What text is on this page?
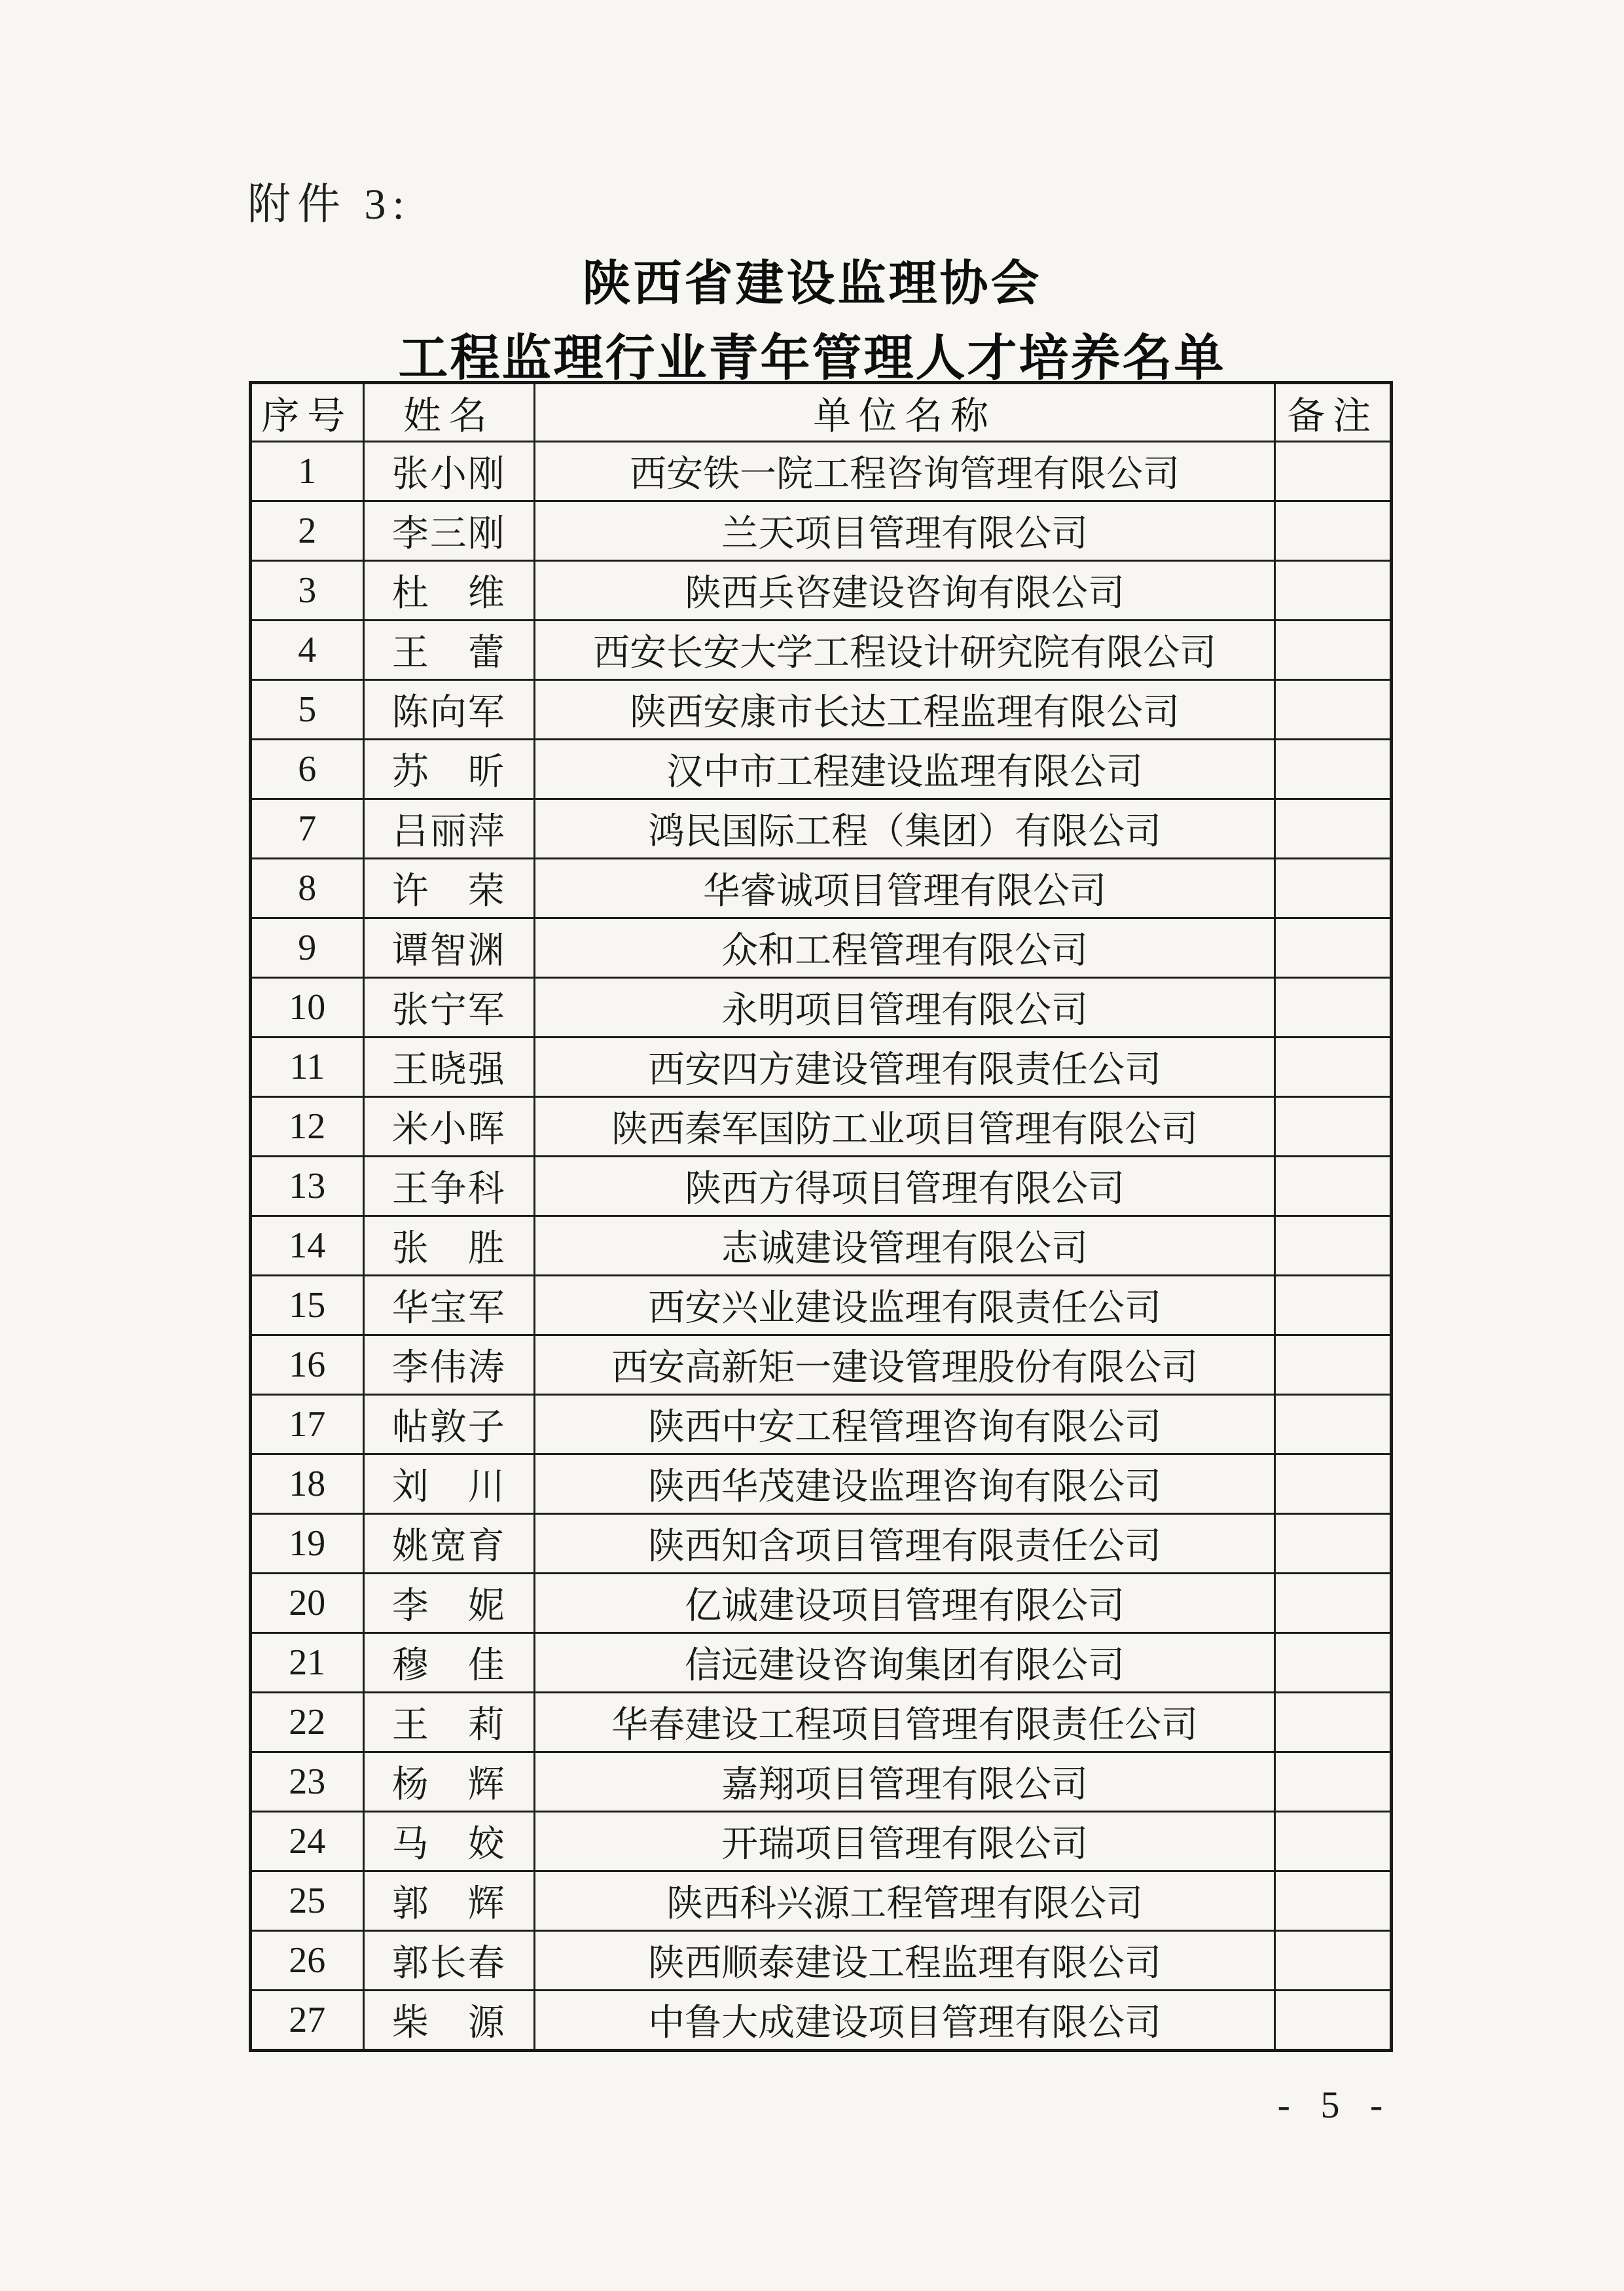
附件 3:
陕西省建设监理协会
工程监理行业青年管理人才培养名单
序号	姓名	单位名称	备注
1	张小刚	西安铁一院工程咨询管理有限公司	
2	李三刚	兰天项目管理有限公司	
3	杜　维	陕西兵咨建设咨询有限公司	
4	王　蕾	西安长安大学工程设计研究院有限公司	
5	陈向军	陕西安康市长达工程监理有限公司	
6	苏　昕	汉中市工程建设监理有限公司	
7	吕丽萍	鸿民国际工程（集团）有限公司	
8	许　荣	华睿诚项目管理有限公司	
9	谭智渊	众和工程管理有限公司	
10	张宁军	永明项目管理有限公司	
11	王晓强	西安四方建设管理有限责任公司	
12	米小晖	陕西秦军国防工业项目管理有限公司	
13	王争科	陕西方得项目管理有限公司	
14	张　胜	志诚建设管理有限公司	
15	华宝军	西安兴业建设监理有限责任公司	
16	李伟涛	西安高新矩一建设管理股份有限公司	
17	帖敦子	陕西中安工程管理咨询有限公司	
18	刘　川	陕西华茂建设监理咨询有限公司	
19	姚宽育	陕西知含项目管理有限责任公司	
20	李　妮	亿诚建设项目管理有限公司	
21	穆　佳	信远建设咨询集团有限公司	
22	王　莉	华春建设工程项目管理有限责任公司	
23	杨　辉	嘉翔项目管理有限公司	
24	马　姣	开瑞项目管理有限公司	
25	郭　辉	陕西科兴源工程管理有限公司	
26	郭长春	陕西顺泰建设工程监理有限公司	
27	柴　源	中鲁大成建设项目管理有限公司	
- 5 -
